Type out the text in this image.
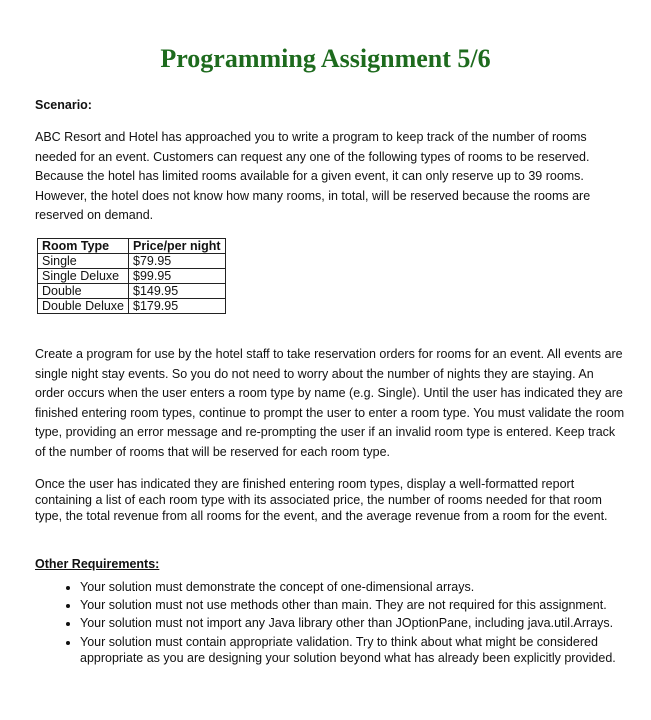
Programming Assignment 5/6

Scenario:

ABC Resort and Hotel has approached you to write a program to keep track of the number of rooms needed for an event. Customers can request any one of the following types of rooms to be reserved. Because the hotel has limited rooms available for a given event, it can only reserve up to 39 rooms. However, the hotel does not know how many rooms, in total, will be reserved because the rooms are reserved on demand.

Room Type	Price/per night
Single	$79.95
Single Deluxe	$99.95
Double	$149.95
Double Deluxe	$179.95

Create a program for use by the hotel staff to take reservation orders for rooms for an event. All events are single night stay events. So you do not need to worry about the number of nights they are staying. An order occurs when the user enters a room type by name (e.g. Single). Until the user has indicated they are finished entering room types, continue to prompt the user to enter a room type. You must validate the room type, providing an error message and re-prompting the user if an invalid room type is entered. Keep track of the number of rooms that will be reserved for each room type.

Once the user has indicated they are finished entering room types, display a well-formatted report containing a list of each room type with its associated price, the number of rooms needed for that room type, the total revenue from all rooms for the event, and the average revenue from a room for the event.

Other Requirements:

• Your solution must demonstrate the concept of one-dimensional arrays.
• Your solution must not use methods other than main. They are not required for this assignment.
• Your solution must not import any Java library other than JOptionPane, including java.util.Arrays.
• Your solution must contain appropriate validation. Try to think about what might be considered appropriate as you are designing your solution beyond what has already been explicitly provided.
